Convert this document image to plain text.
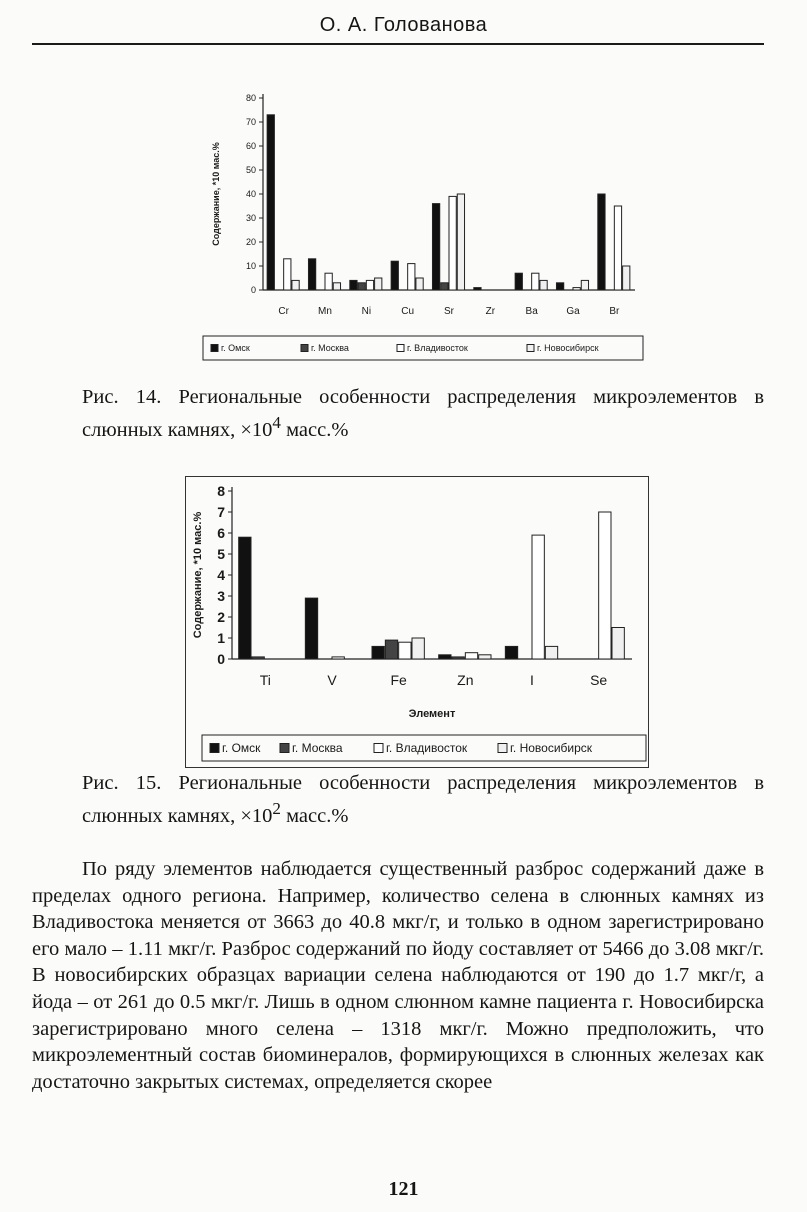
О. А. Голованова
0
10
20
30
40
50
60
70
80
Cr	Mn	Ni	Cu	Sr	Zr	Ba	Ga	Br
Содержание, *10 мас.%
г. Омск	г. Москва	г. Владивосток	г. Новосибирск
Рис. 14. Региональные особенности распределения микроэлементов в слюнных камнях, $\times 10^4$ масс.%
0
1
2
3
4
5
6
7
8
Ti	V	Fe	Zn	I	Se
Содержание, *10 мас.%
Элемент
г. Омск	г. Москва	г. Владивосток	г. Новосибирск
Рис. 15. Региональные особенности распределения микроэлементов в слюнных камнях, $\times 10^2$ масс.%

По ряду элементов наблюдается существенный разброс содержаний даже в пределах одного региона. Например, количество селена в слюнных камнях из Владивостока меняется от 3663 до 40.8 мкг/г, и только в одном зарегистрировано его мало – 1.11 мкг/г. Разброс содержаний по йоду составляет от 5466 до 3.08 мкг/г. В новосибирских образцах вариации селена наблюдаются от 190 до 1.7 мкг/г, а йода – от 261 до 0.5 мкг/г. Лишь в одном слюнном камне пациента г. Новосибирска зарегистрировано много селена – 1318 мкг/г. Можно предположить, что микроэлементный состав биоминералов, формирующихся в слюнных железах как достаточно закрытых системах, определяется скорее

121
